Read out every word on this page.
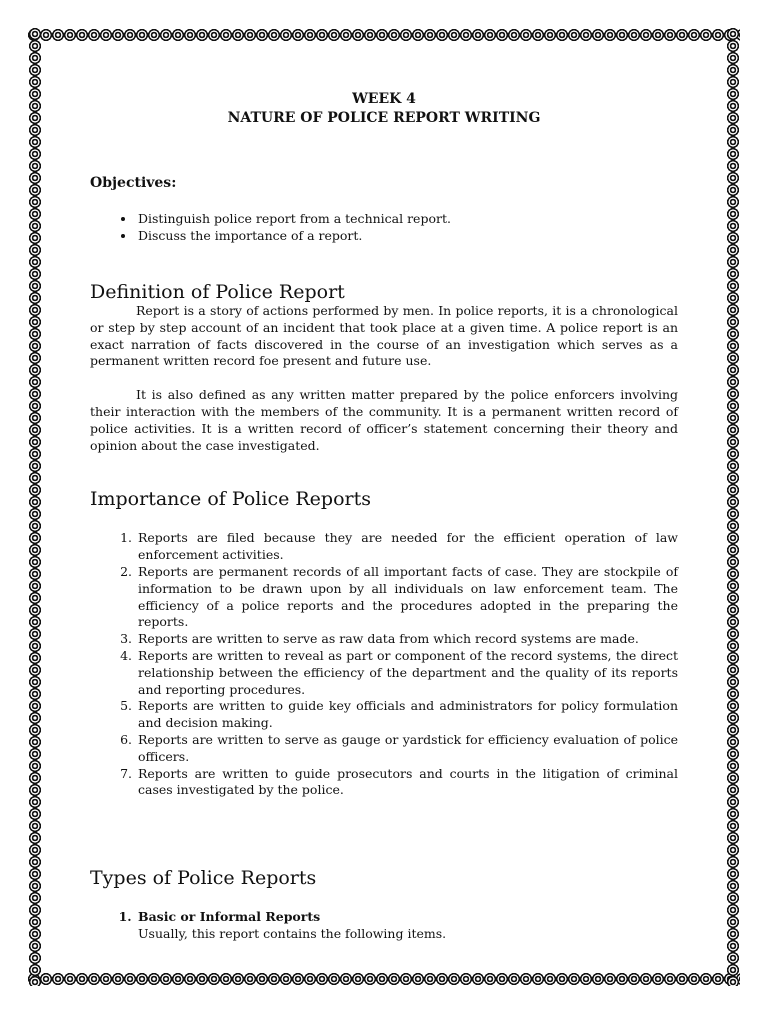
WEEK 4
NATURE OF POLICE REPORT WRITING
Objectives:
• Distinguish police report from a technical report.
• Discuss the importance of a report.
Definition of Police Report

Report is a story of actions performed by men. In police reports, it is a chronological or step by step account of an incident that took place at a given time. A police report is an exact narration of facts discovered in the course of an investigation which serves as a permanent written record foe present and future use.

It is also defined as any written matter prepared by the police enforcers involving their interaction with the members of the community. It is a permanent written record of police activities. It is a written record of officer’s statement concerning their theory and opinion about the case investigated.

Importance of Police Reports
1. Reports are filed because they are needed for the efficient operation of law enforcement activities.
2. Reports are permanent records of all important facts of case. They are stockpile of information to be drawn upon by all individuals on law enforcement team. The efficiency of a police reports and the procedures adopted in the preparing the reports.
3. Reports are written to serve as raw data from which record systems are made.
4. Reports are written to reveal as part or component of the record systems, the direct relationship between the efficiency of the department and the quality of its reports and reporting procedures.
5. Reports are written to guide key officials and administrators for policy formulation and decision making.
6. Reports are written to serve as gauge or yardstick for efficiency evaluation of police officers.
7. Reports are written to guide prosecutors and courts in the litigation of criminal cases investigated by the police.
Types of Police Reports
1. Basic or Informal Reports
Usually, this report contains the following items.
